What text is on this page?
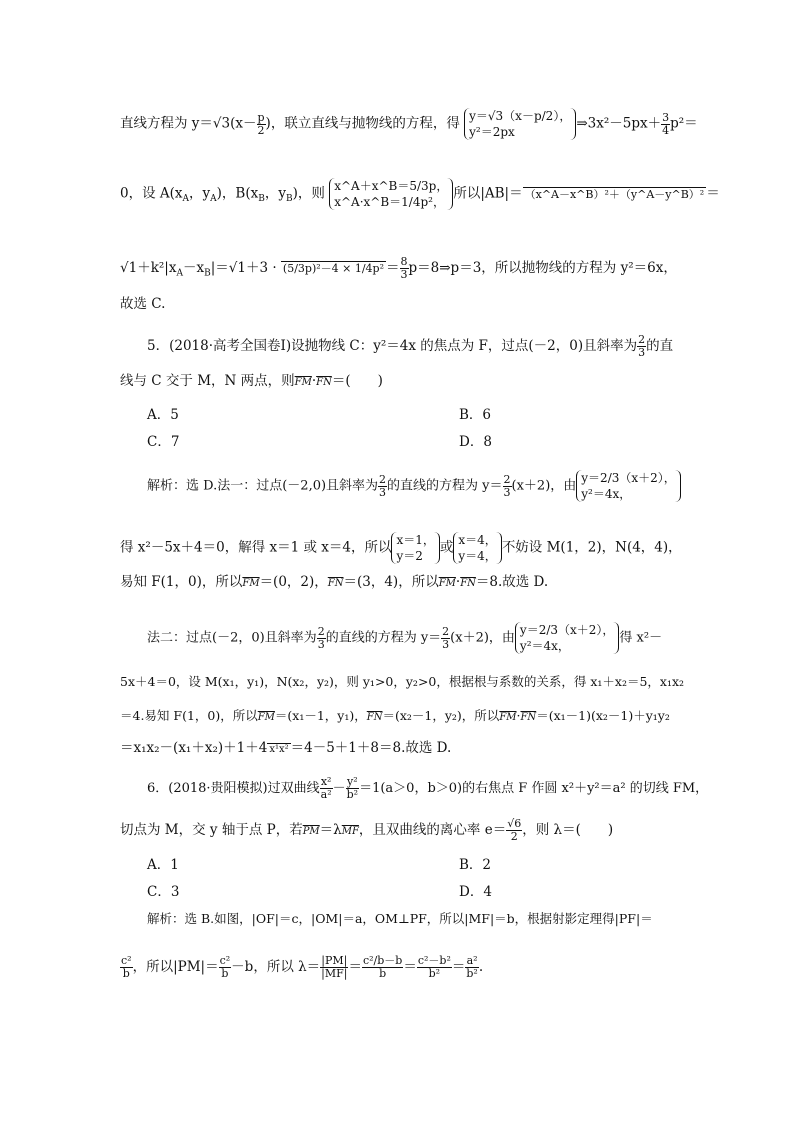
直线方程为 $y=√3(x- \frac{p}{2}$ )，联立直线与抛物线的方程，得 y＝√3（x－p/2），
y²＝2px
⇒3x²－5px＋ $\frac{3}{4} p^2=$
0，设 $A(x_A$，$y_A$)，$B(x_B$，$y_B$)，则 x^A＋x^B＝5/3p，
x^A·x^B＝1/4p²，
所以|AB|＝ （x^A－x^B）²＋（y^A－y^B）² ＝
$√1+k^2|x_A-x_B|=√1+3 \cdot (5/3p)^2-4 \times 1/4p^2 = \frac{8}{3}$ p＝8⇒p＝3，所以抛物线的方程为 y²＝6x，
故选 C.
5．(2018·高考全国卷Ⅰ)设抛物线 C：y²＝4x 的焦点为 F，过点(－2，0)且斜率为 $\frac{2}{3}$ 的直
线与 C 交于 M，N 两点，则$\overline{FM}\cdot\overline{FN}=$(　　)
A．5	B．6
C．7	D．8
解析：选 D.法一：过点(－2,0)且斜率为 $\frac{2}{3}$ 的直线的方程为 $y= \frac{2}{3} (x+2)$，由
y＝2/3（x＋2），
y²＝4x，
得 x²－5x＋4＝0，解得 x＝1 或 x＝4，所以 x＝1，
y＝2
或 x＝4，
y＝4，
不妨设 M(1，2)，N(4，4)，
易知 F(1，0)，所以$\overline{FM}=(0$，2)，$\overline{FN}=(3$，4)，所以$\overline{FM}\cdot\overline{FN}=8$.故选 D.
法二：过点(－2，0)且斜率为 $\frac{2}{3}$ 的直线的方程为 $y= \frac{2}{3} (x+2)$，由
y＝2/3（x＋2），
y²＝4x，
得 x²－
5x＋4＝0，设 M(x₁，y₁)，N(x₂，y₂)，则 y₁>0，y₂>0，根据根与系数的关系，得 x₁＋x₂＝5，x₁x₂
＝4.易知 F(1，0)，所以$\overline{FM}=(x_1-1$，y₁)，$\overline{FN}=(x_2-1$，y₂)，所以$\overline{FM}\cdot\overline{FN}=(x_1-1)(x_2-1)+y_1y_2$
＝x₁x₂－(x₁＋x₂)＋1＋4 x¹x² ＝4－5＋1＋8＝8.故选 D.
6．(2018·贵阳模拟)过双曲线 $\frac{\text{x²}}{\text{a²}} - \frac{\text{y²}}{\text{b²}} =1(a>0$，b＞0)的右焦点 F 作圆 x²＋y²＝a² 的切线 FM，
切点为 M，交 y 轴于点 P，若$\overline{PM}=\lambda\overline{MF}$，且双曲线的离心率 $e= \frac{√6}{2}$ ，则 λ＝(　　)
A．1	B．2
C．3	D．4
解析：选 B.如图，|OF|＝c，|OM|＝a，OM⊥PF，所以|MF|＝b，根据射影定理得|PF|＝
$\frac{\text{c²}}{b}$ ，所以$|PM|= \frac{\text{c²}}{b} -b$，所以 $\lambda= \frac{|PM|}{|MF|} = \frac{\text{c²/b－b}}{b} = \frac{\text{c²－b²}}{\text{b²}} = \frac{\text{a²}}{\text{b²}}$ .
